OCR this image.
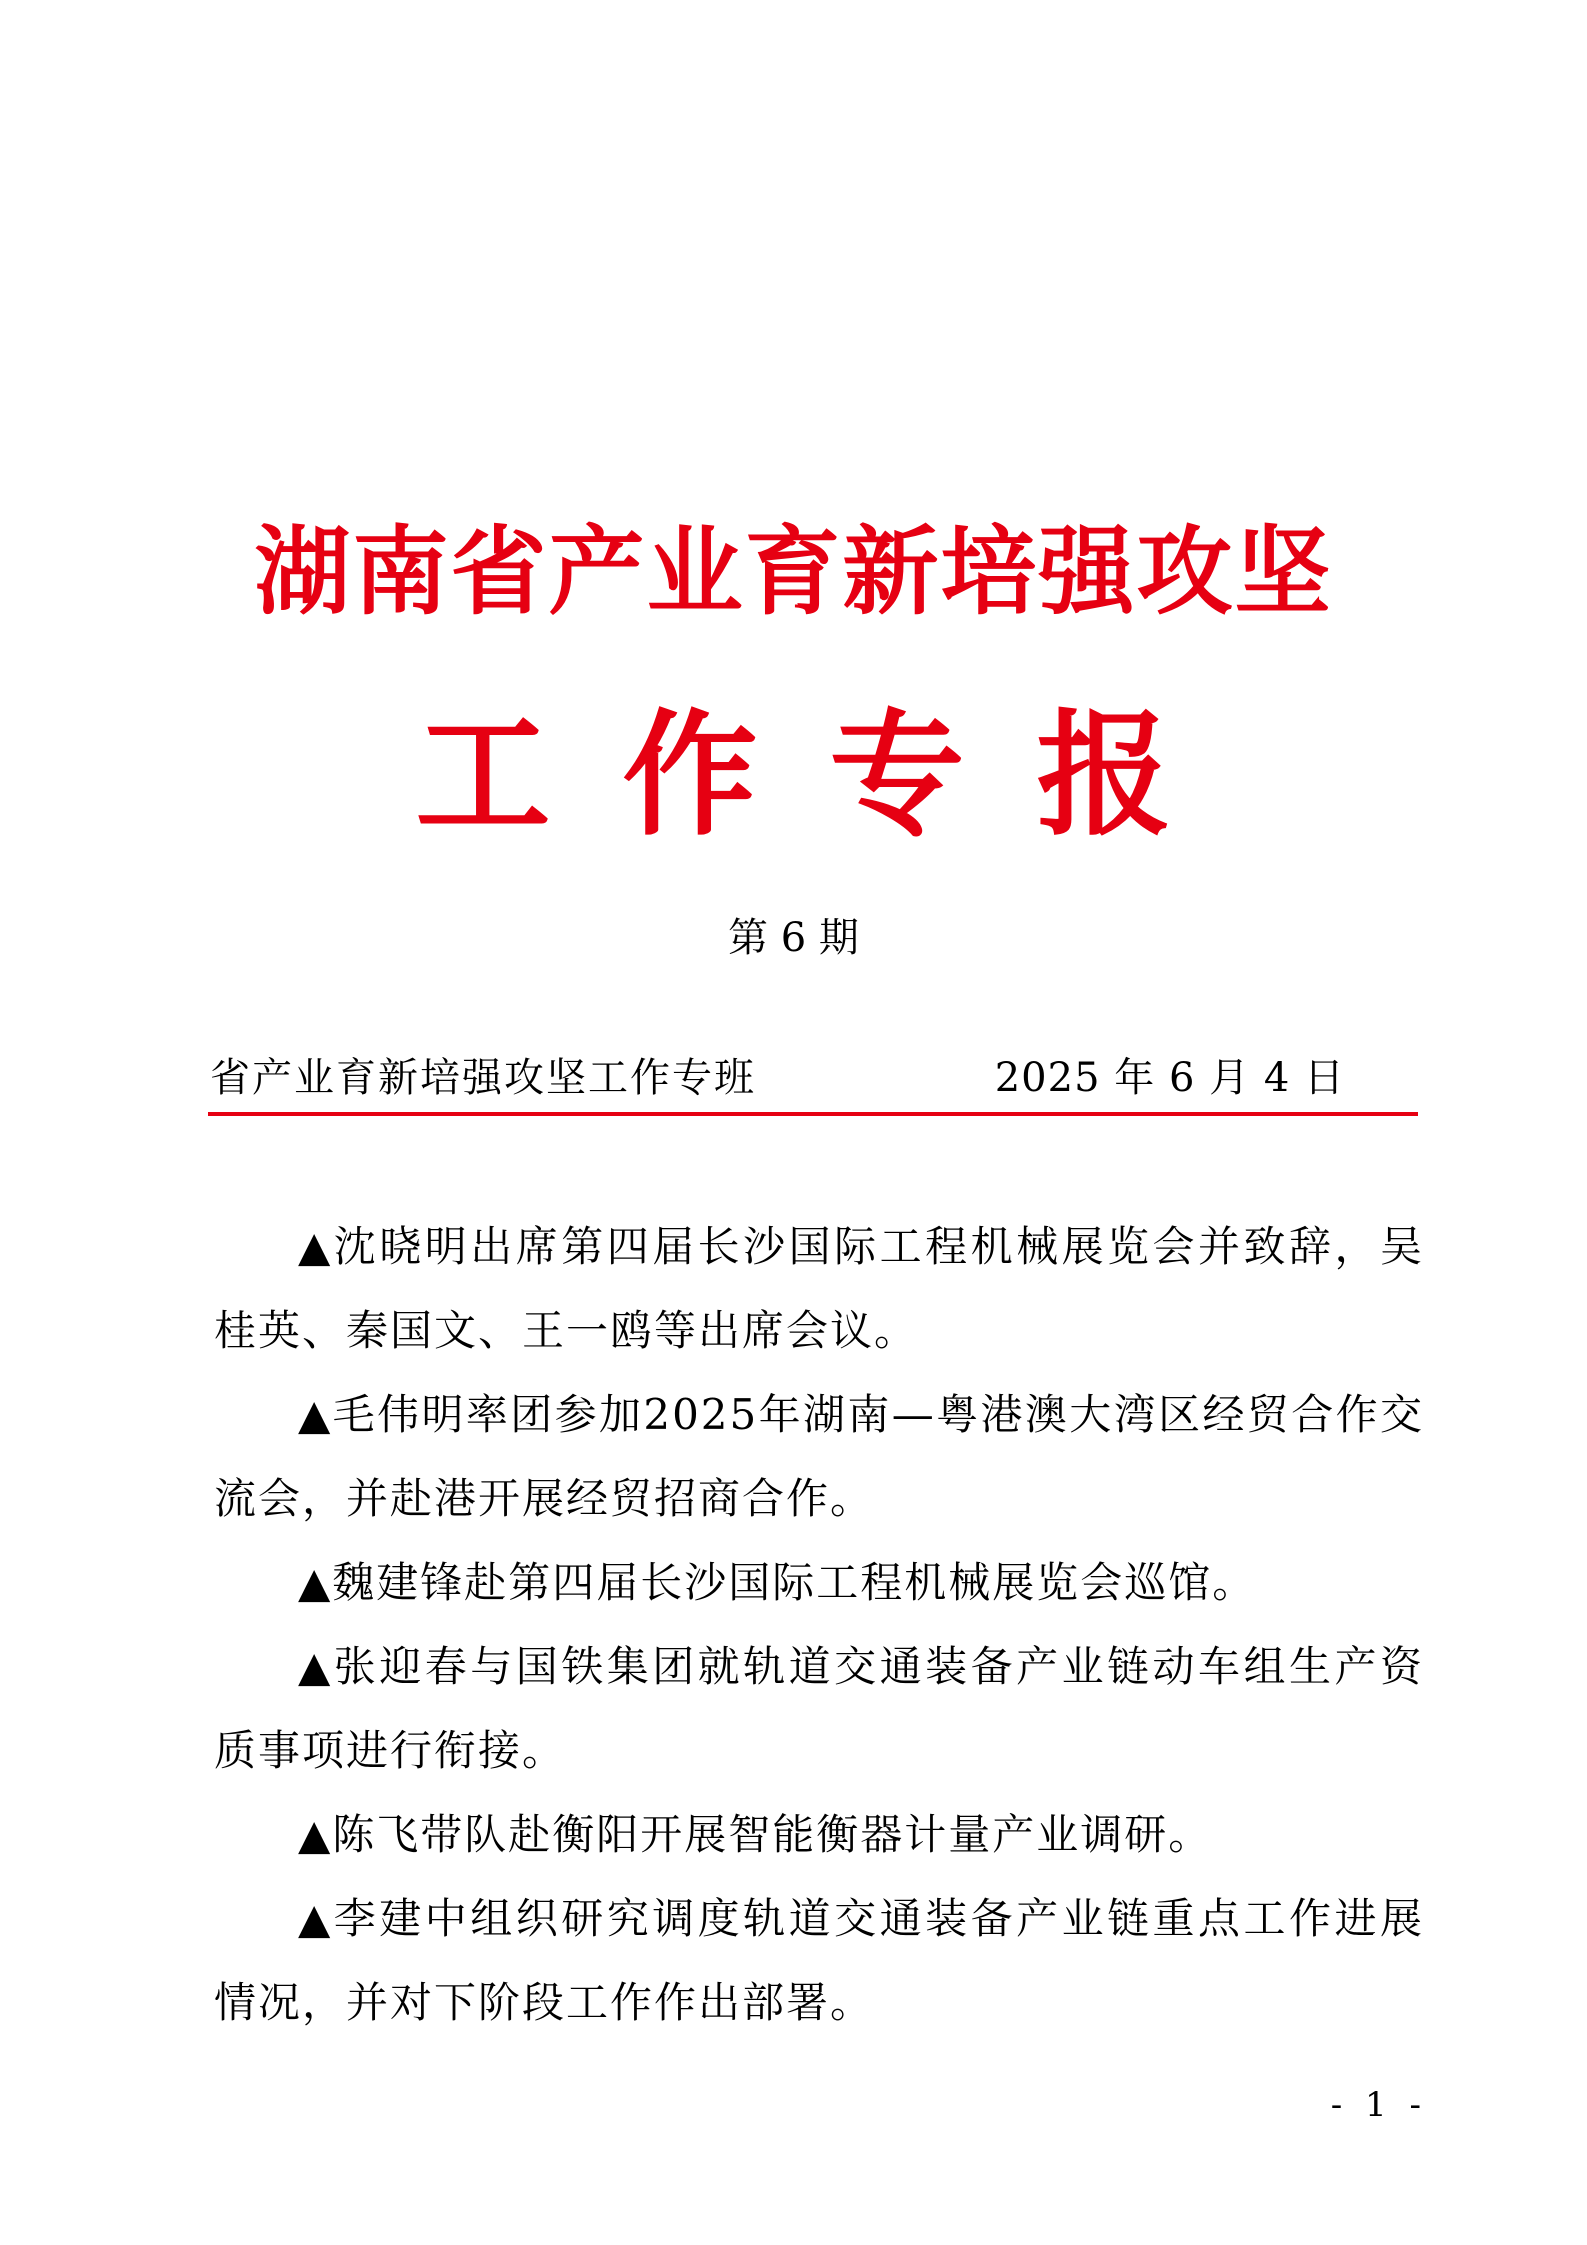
湖南省产业育新培强攻坚
工作专报
第 6 期
省产业育新培强攻坚工作专班	2025 年 6 月 4 日

▲沈晓明出席第四届长沙国际工程机械展览会并致辞，吴桂英、秦国文、王一鸥等出席会议。

▲毛伟明率团参加2025年湖南—粤港澳大湾区经贸合作交流会，并赴港开展经贸招商合作。

▲魏建锋赴第四届长沙国际工程机械展览会巡馆。

▲张迎春与国铁集团就轨道交通装备产业链动车组生产资质事项进行衔接。

▲陈飞带队赴衡阳开展智能衡器计量产业调研。

▲李建中组织研究调度轨道交通装备产业链重点工作进展情况，并对下阶段工作作出部署。

- 1 -
